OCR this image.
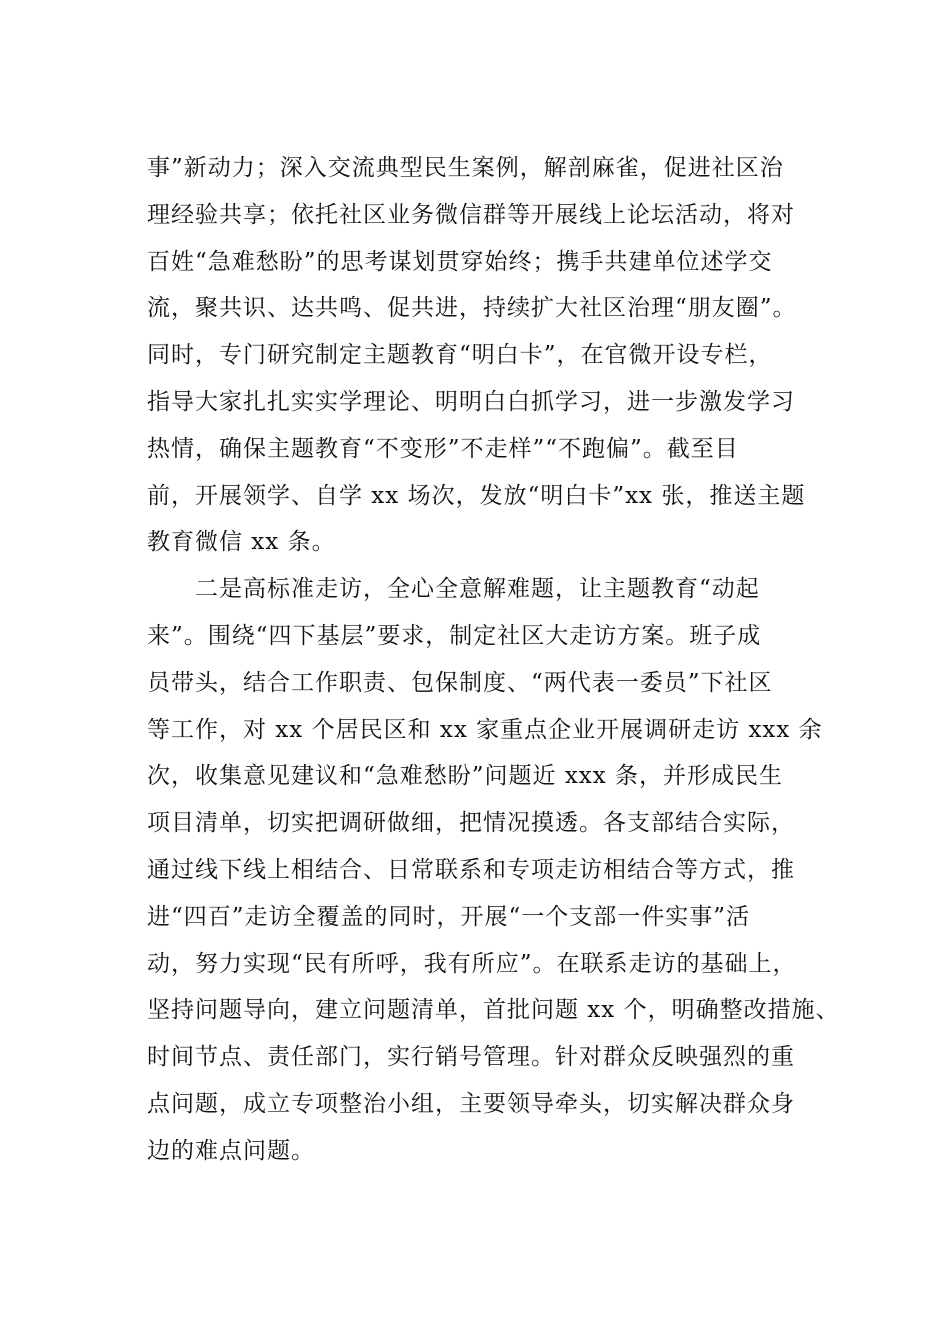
事”新动力；深入交流典型民生案例，解剖麻雀，促进社区治
理经验共享；依托社区业务微信群等开展线上论坛活动，将对
百姓“急难愁盼”的思考谋划贯穿始终；携手共建单位述学交
流，聚共识、达共鸣、促共进，持续扩大社区治理“朋友圈”。
同时，专门研究制定主题教育“明白卡”，在官微开设专栏，
指导大家扎扎实实学理论、明明白白抓学习，进一步激发学习
热情，确保主题教育“不变形”不走样”“不跑偏”。截至目
前，开展领学、自学 xx 场次，发放“明白卡”xx 张，推送主题
教育微信 xx 条。
　　二是高标准走访，全心全意解难题，让主题教育“动起
来”。围绕“四下基层”要求，制定社区大走访方案。班子成
员带头，结合工作职责、包保制度、“两代表一委员”下社区
等工作，对 xx 个居民区和 xx 家重点企业开展调研走访 xxx 余
次，收集意见建议和“急难愁盼”问题近 xxx 条，并形成民生
项目清单，切实把调研做细，把情况摸透。各支部结合实际，
通过线下线上相结合、日常联系和专项走访相结合等方式，推
进“四百”走访全覆盖的同时，开展“一个支部一件实事”活
动，努力实现“民有所呼，我有所应”。在联系走访的基础上，
坚持问题导向，建立问题清单，首批问题 xx 个，明确整改措施、
时间节点、责任部门，实行销号管理。针对群众反映强烈的重
点问题，成立专项整治小组，主要领导牵头，切实解决群众身
边的难点问题。
